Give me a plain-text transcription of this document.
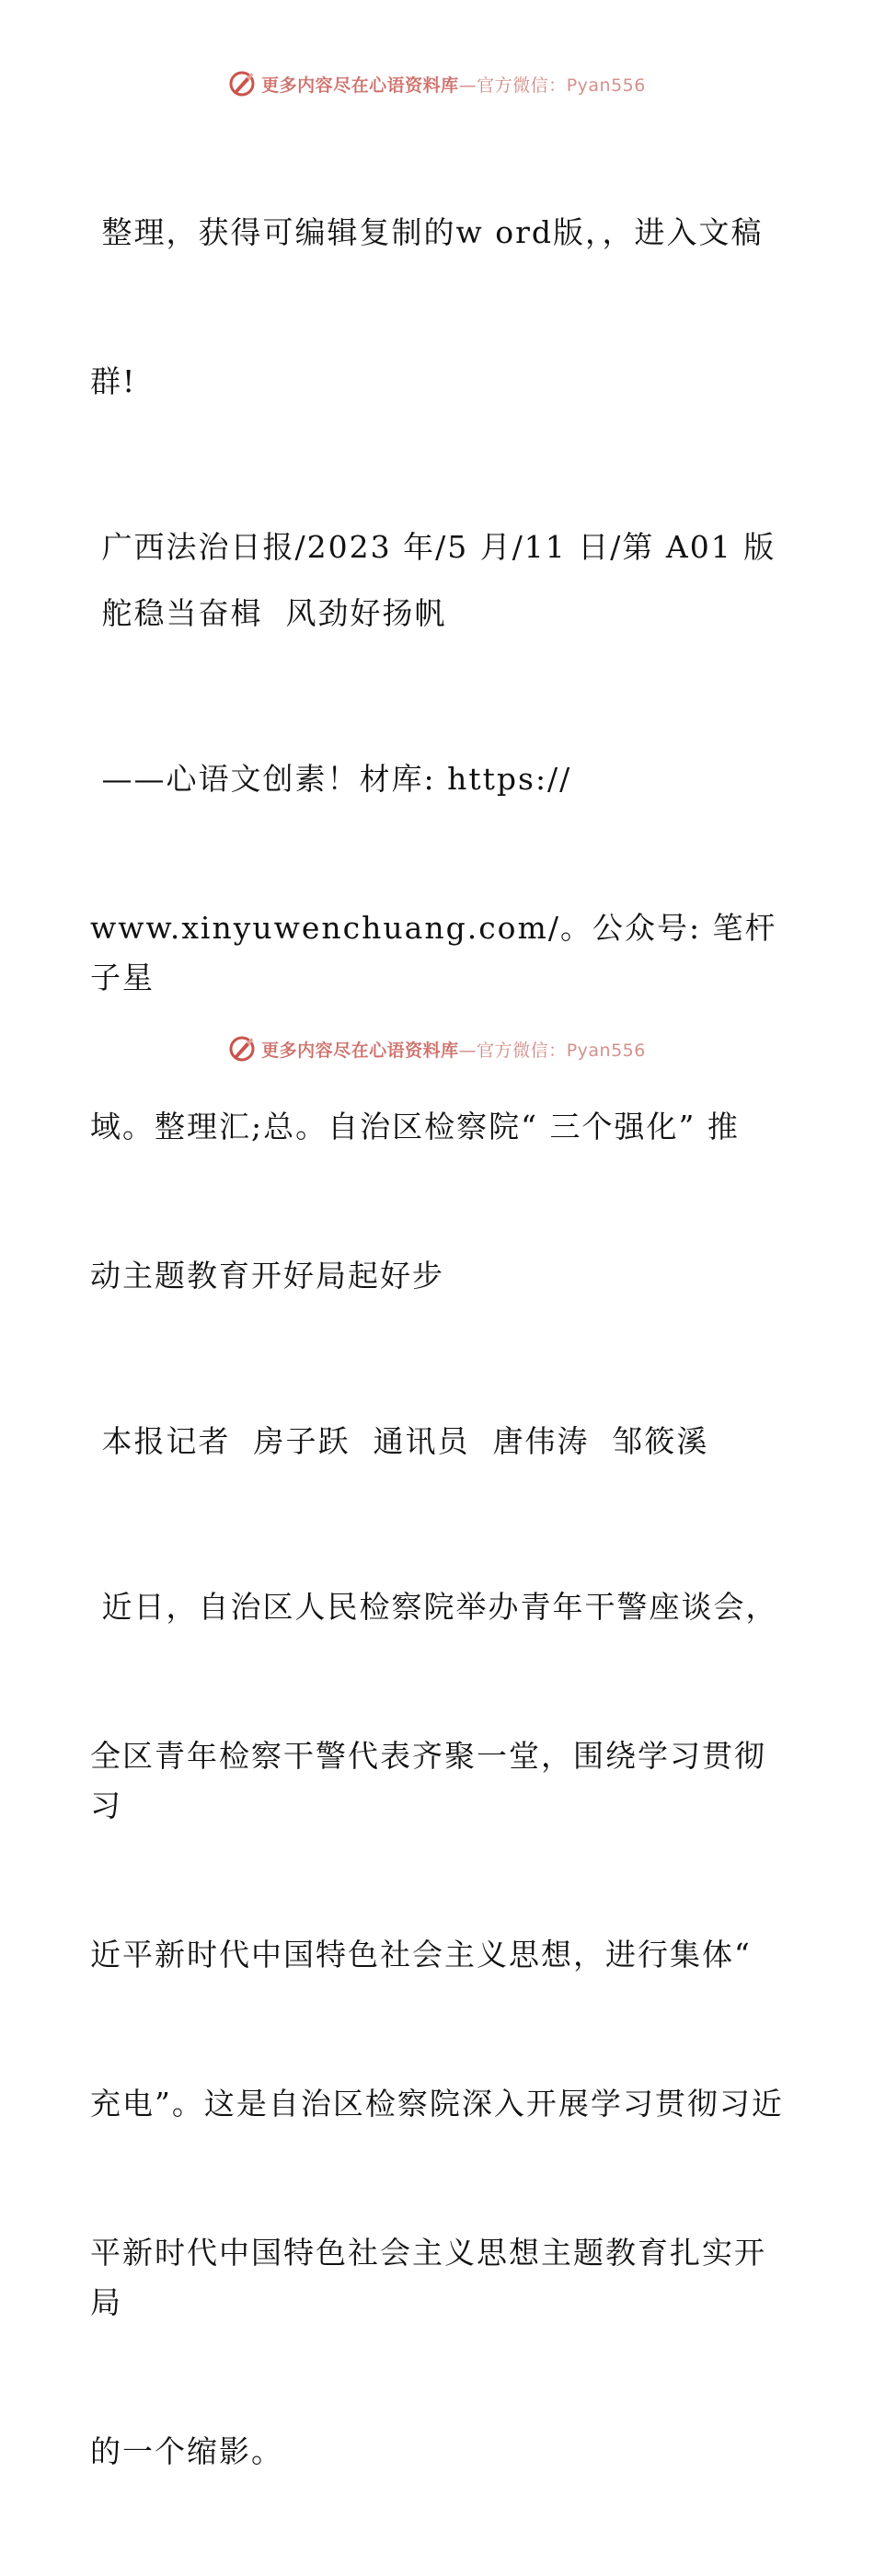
更多内容尽在心语资料库—官方微信：Pyan556

整理，获得可编辑复制的w ord版，，进入文稿

群!

广西法治日报/2023 年/5 月/11 日/第 A01 版

舵稳当奋楫  风劲好扬帆

——心语文创素！材库: https://

www.xinyuwenchuang.com/。公众号: 笔杆子星

域。整理汇;总。自治区检察院“ 三个强化” 推

动主题教育开好局起好步

本报记者  房子跃  通讯员  唐伟涛  邹筱溪

近日，自治区人民检察院举办青年干警座谈会，

全区青年检察干警代表齐聚一堂，围绕学习贯彻习

近平新时代中国特色社会主义思想，进行集体“

充电”。这是自治区检察院深入开展学习贯彻习近

平新时代中国特色社会主义思想主题教育扎实开局

的一个缩影。

更多内容尽在心语资料库—官方微信：Pyan556
